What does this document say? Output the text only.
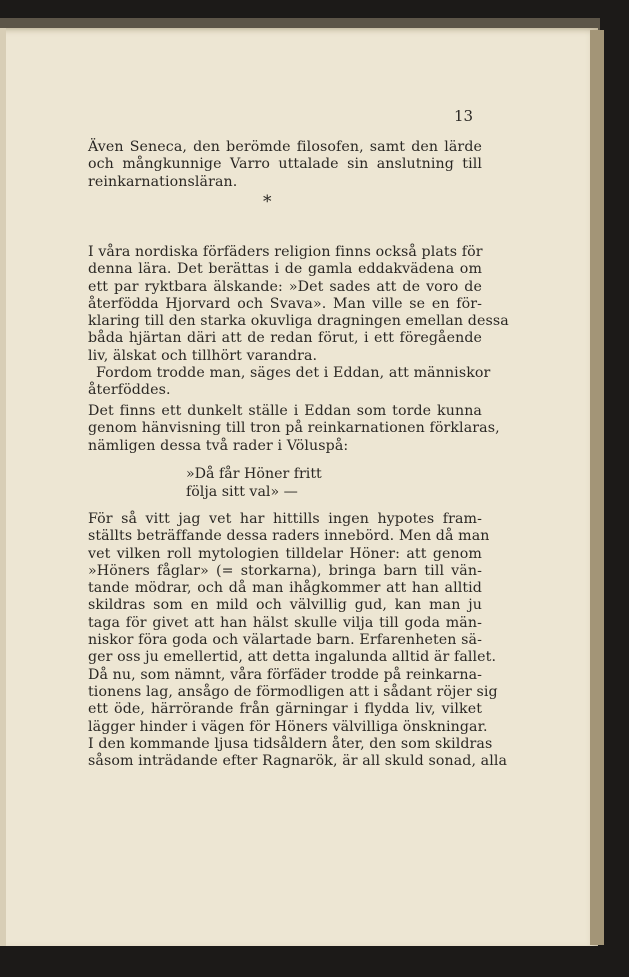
13
*
Även Seneca, den berömde filosofen, samt den lärde
och mångkunnige Varro uttalade sin anslutning till
reinkarnationsläran.
I våra nordiska förfäders religion finns också plats för
denna lära. Det berättas i de gamla eddakvädena om
ett par ryktbara älskande: »Det sades att de voro de
återfödda Hjorvard och Svava». Man ville se en för-
klaring till den starka okuvliga dragningen emellan dessa
båda hjärtan däri att de redan förut, i ett föregående
liv, älskat och tillhört varandra.
Fordom trodde man, säges det i Eddan, att människor
återföddes.
Det finns ett dunkelt ställe i Eddan som torde kunna
genom hänvisning till tron på reinkarnationen förklaras,
nämligen dessa två rader i Völuspå:
För så vitt jag vet har hittills ingen hypotes fram-
ställts beträffande dessa raders innebörd. Men då man
vet vilken roll mytologien tilldelar Höner: att genom
»Höners fåglar» (= storkarna), bringa barn till vän-
tande mödrar, och då man ihågkommer att han alltid
skildras som en mild och välvillig gud, kan man ju
taga för givet att han hälst skulle vilja till goda män-
niskor föra goda och välartade barn. Erfarenheten sä-
ger oss ju emellertid, att detta ingalunda alltid är fallet.
Då nu, som nämnt, våra förfäder trodde på reinkarna-
tionens lag, ansågo de förmodligen att i sådant röjer sig
ett öde, härrörande från gärningar i flydda liv, vilket
lägger hinder i vägen för Höners välvilliga önskningar.
I den kommande ljusa tidsåldern åter, den som skildras
såsom inträdande efter Ragnarök, är all skuld sonad, alla
»Då får Höner fritt
följa sitt val» —
